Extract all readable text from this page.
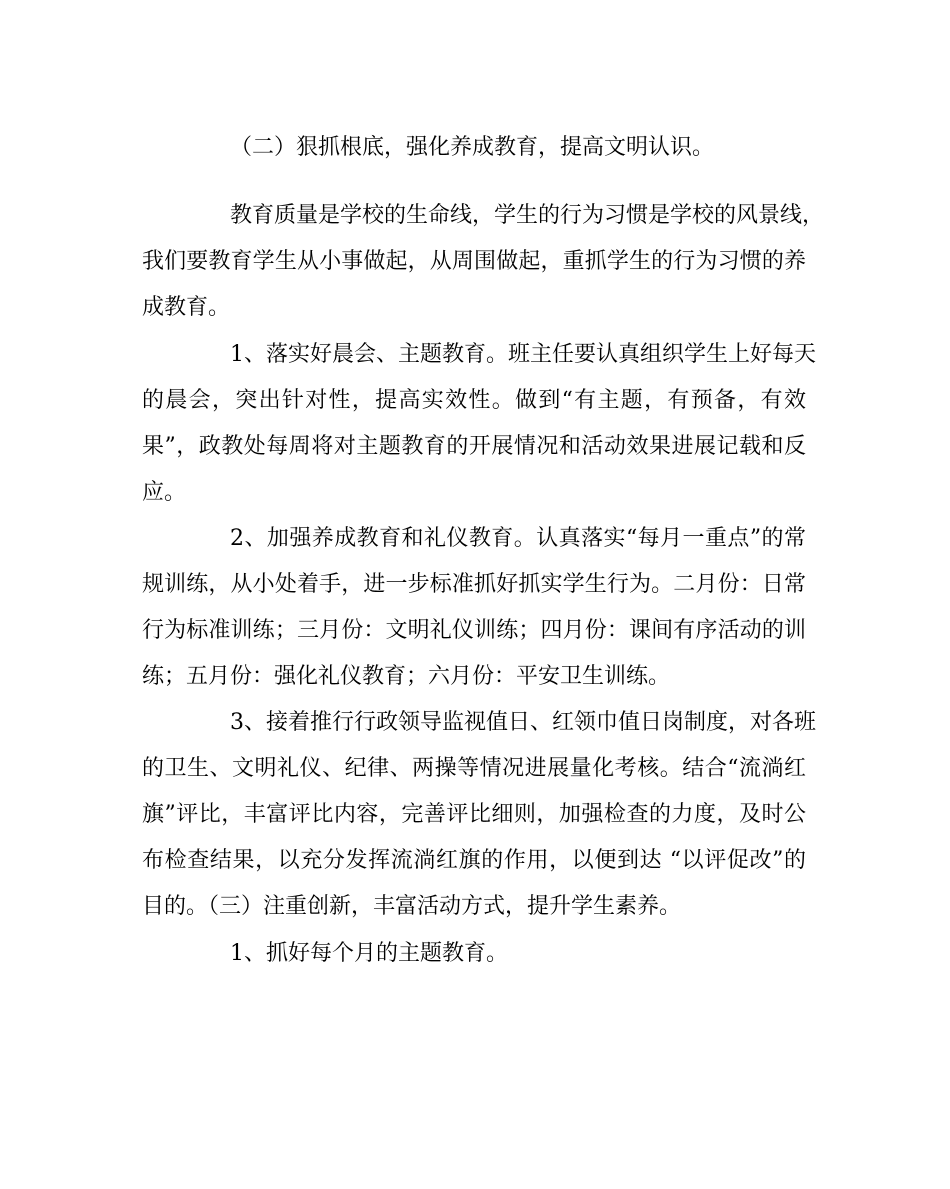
（二）狠抓根底，强化养成教育，提高文明认识。
教育质量是学校的生命线，学生的行为习惯是学校的风景线，
我们要教育学生从小事做起，从周围做起，重抓学生的行为习惯的养
成教育。
1、落实好晨会、主题教育。班主任要认真组织学生上好每天
的晨会，突出针对性，提高实效性。做到“有主题，有预备，有效
果”，政教处每周将对主题教育的开展情况和活动效果进展记载和反
应。
2、加强养成教育和礼仪教育。认真落实“每月一重点”的常
规训练，从小处着手，进一步标准抓好抓实学生行为。二月份：日常
行为标准训练；三月份：文明礼仪训练；四月份：课间有序活动的训
练；五月份：强化礼仪教育；六月份：平安卫生训练。
3、接着推行行政领导监视值日、红领巾值日岗制度，对各班
的卫生、文明礼仪、纪律、两操等情况进展量化考核。结合“流淌红
旗”评比，丰富评比内容，完善评比细则，加强检查的力度，及时公
布检查结果，以充分发挥流淌红旗的作用，以便到达 “以评促改”的
目的。（三）注重创新，丰富活动方式，提升学生素养。
1、抓好每个月的主题教育。
